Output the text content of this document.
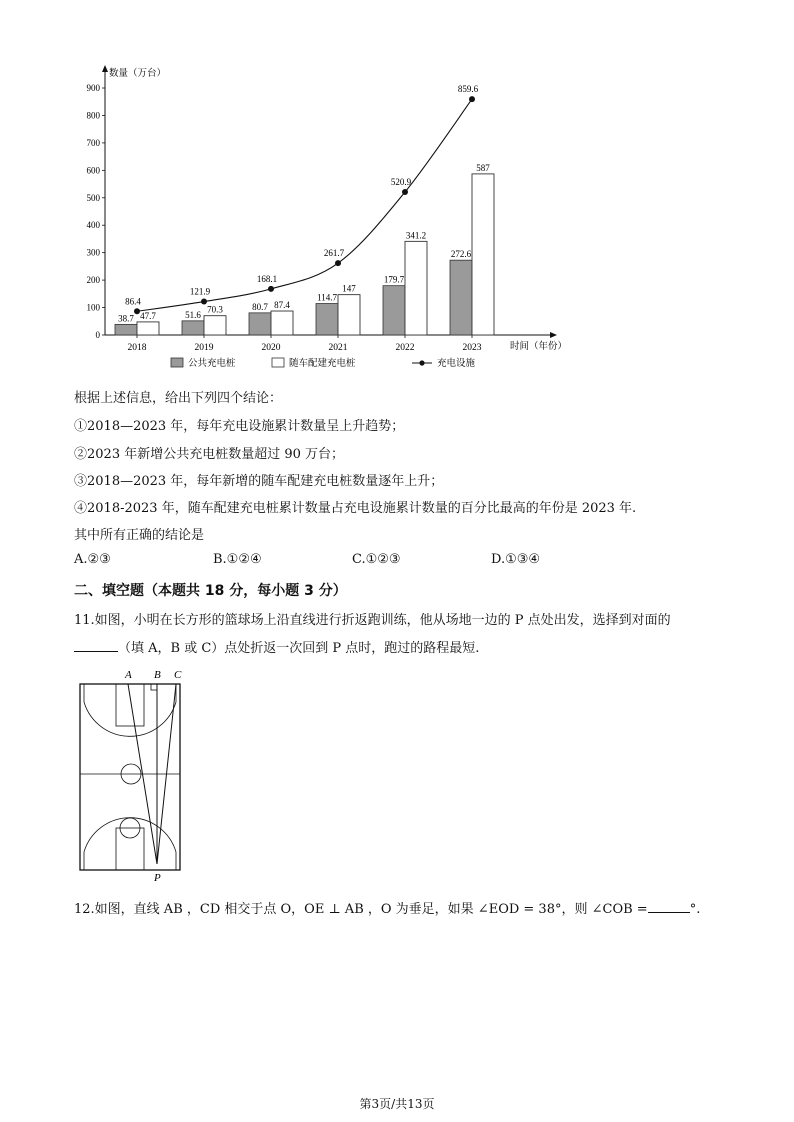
数量（万台）
时间（年份）
0
100
200
300
400
500
600
700
800
900
2018	2019	2020	2021	2022	2023
38.7 47.7	51.6
70.3	80.7 87.4
114.7
147
179.7
341.2
272.6
587
86.4
121.9
168.1
261.7
520.9
859.6
公共充电桩	随车配建充电桩	充电设施
根据上述信息，给出下列四个结论：
①2018—2023 年，每年充电设施累计数量呈上升趋势；
②2023 年新增公共充电桩数量超过 90 万台；
③2018—2023 年，每年新增的随车配建充电桩数量逐年上升；
④2018-2023 年，随车配建充电桩累计数量占充电设施累计数量的百分比最高的年份是 2023 年.
其中所有正确的结论是
A.②③	B.①②④	C.①②③	D.①③④
二、填空题（本题共 18 分，每小题 3 分）
11.如图，小明在长方形的篮球场上沿直线进行折返跑训练，他从场地一边的 P 点处出发，选择到对面的
（填 A，B 或 C）点处折返一次回到 P 点时，跑过的路程最短.
A B C
P
12.如图，直线 AB ，CD 相交于点 O，OE ⊥ AB ，O 为垂足，如果 ∠EOD = 38°，则 ∠COB =	°.
第3页/共13页
